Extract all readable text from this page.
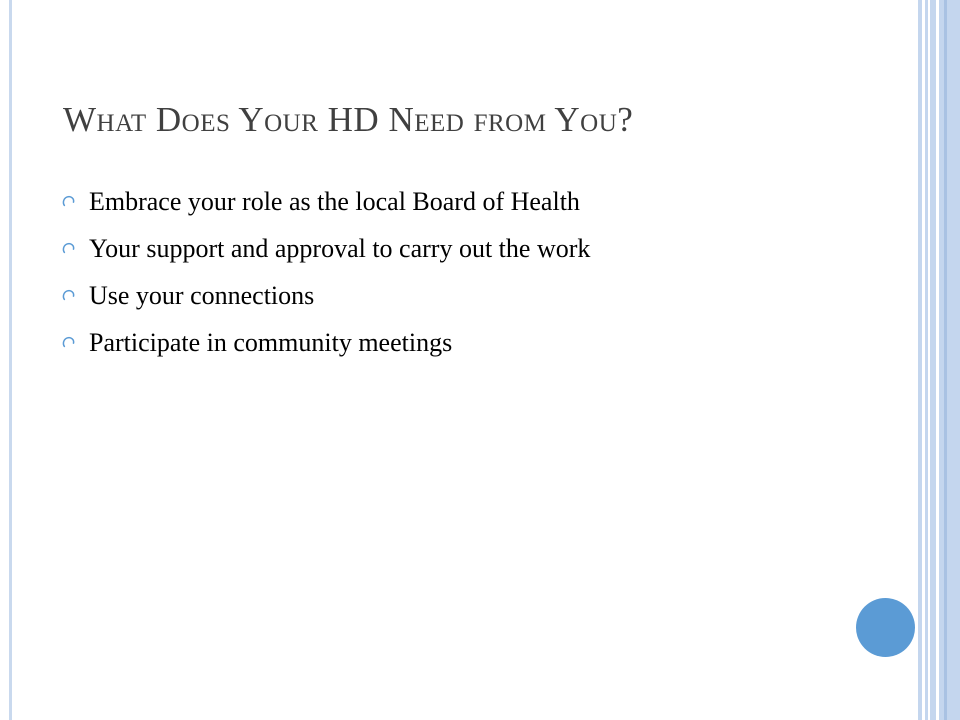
What Does Your HD Need from You?
Embrace your role as the local Board of Health
Your support and approval to carry out the work
Use your connections
Participate in community meetings
